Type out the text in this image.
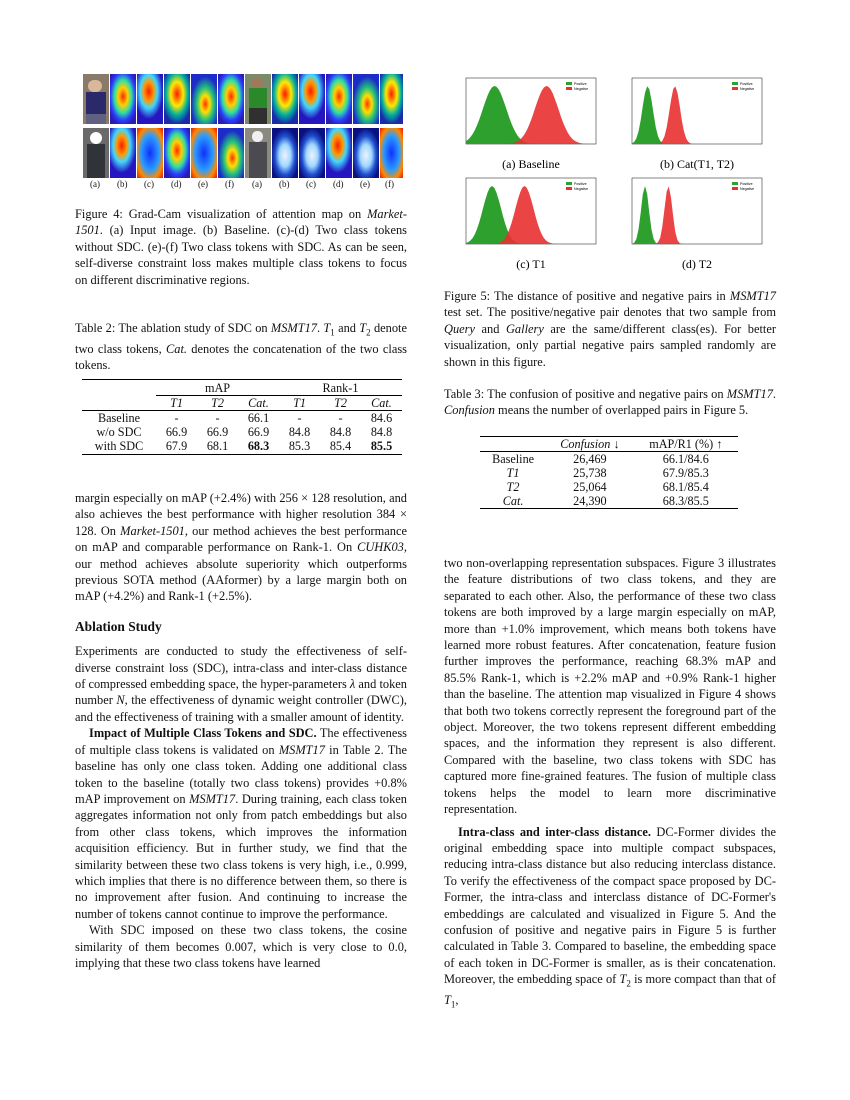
(a) (b) (c) (d) (e) (f) (a) (b) (c) (d) (e) (f)
Figure 4: Grad-Cam visualization of attention map on Market-1501. (a) Input image. (b) Baseline. (c)-(d) Two class tokens without SDC. (e)-(f) Two class tokens with SDC. As can be seen, self-diverse constraint loss makes multiple class tokens to focus on different discriminative regions.
Table 2: The ablation study of SDC on MSMT17. $T_1$ and $T_2$ denote two class tokens, Cat. denotes the concatenation of the two class tokens.
	mAP			Rank-1		
	T1	T2	Cat.	T1	T2	Cat.
Baseline	-	-	66.1	-	-	84.6
w/o SDC	66.9	66.9	66.9	84.8	84.8	84.8
with SDC	67.9	68.1	68.3	85.3	85.4	85.5

margin especially on mAP (+2.4%) with 256 × 128 resolution, and also achieves the best performance with higher resolution 384 × 128. On Market-1501, our method achieves the best performance on mAP and comparable performance on Rank-1. On CUHK03, our method achieves absolute superiority which outperforms previous SOTA method (AAformer) by a large margin both on mAP (+4.2%) and Rank-1 (+2.5%).

Ablation Study

Experiments are conducted to study the effectiveness of self-diverse constraint loss (SDC), intra-class and inter-class distance of compressed embedding space, the hyper-parameters λ and token number N, the effectiveness of dynamic weight controller (DWC), and the effectiveness of training with a smaller amount of identity.

Impact of Multiple Class Tokens and SDC. The effectiveness of multiple class tokens is validated on MSMT17 in Table 2. The baseline has only one class token. Adding one additional class token to the baseline (totally two class tokens) provides +0.8% mAP improvement on MSMT17. During training, each class token aggregates information not only from patch embeddings but also from other class tokens, which improves the information acquisition efficiency. But in further study, we find that the similarity between these two class tokens is very high, i.e., 0.999, which implies that there is no difference between them, so there is no improvement after fusion. And continuing to increase the number of tokens cannot continue to improve the performance.

With SDC imposed on these two class tokens, the cosine similarity of them becomes 0.007, which is very close to 0.0, implying that these two class tokens have learned

Positive
Negative
(a) Baseline
Positive
Negative
(b) Cat(T1, T2)
Positive
Negative
(c) T1
Positive
Negative
(d) T2
Figure 5: The distance of positive and negative pairs in MSMT17 test set. The positive/negative pair denotes that two sample from Query and Gallery are the same/different class(es). For better visualization, only partial negative pairs sampled randomly are shown in this figure.
Table 3: The confusion of positive and negative pairs on MSMT17. Confusion means the number of overlapped pairs in Figure 5.
	Confusion ↓	mAP/R1 (%) ↑
Baseline	26,469	66.1/84.6
T1	25,738	67.9/85.3
T2	25,064	68.1/85.4
Cat.	24,390	68.3/85.5

two non-overlapping representation subspaces. Figure 3 illustrates the feature distributions of two class tokens, and they are separated to each other. Also, the performance of these two class tokens are both improved by a large margin especially on mAP, more than +1.0% improvement, which means both tokens have learned more robust features. After concatenation, feature fusion further improves the performance, reaching 68.3% mAP and 85.5% Rank-1, which is +2.2% mAP and +0.9% Rank-1 higher than the baseline. The attention map visualized in Figure 4 shows that both two tokens correctly represent the foreground part of the object. Moreover, the two tokens represent different embedding spaces, and the information they represent is also different. Compared with the baseline, two class tokens with SDC has captured more fine-grained features. The fusion of multiple class tokens helps the model to learn more discriminative representation.

Intra-class and inter-class distance. DC-Former divides the original embedding space into multiple compact subspaces, reducing intra-class distance but also reducing interclass distance. To verify the effectiveness of the compact space proposed by DC-Former, the intra-class and interclass distance of DC-Former's embeddings are calculated and visualized in Figure 5. And the confusion of positive and negative pairs in Figure 5 is further calculated in Table 3. Compared to baseline, the embedding space of each token in DC-Former is smaller, as is their concatenation. Moreover, the embedding space of $T_2$ is more compact than that of $T_1$,
